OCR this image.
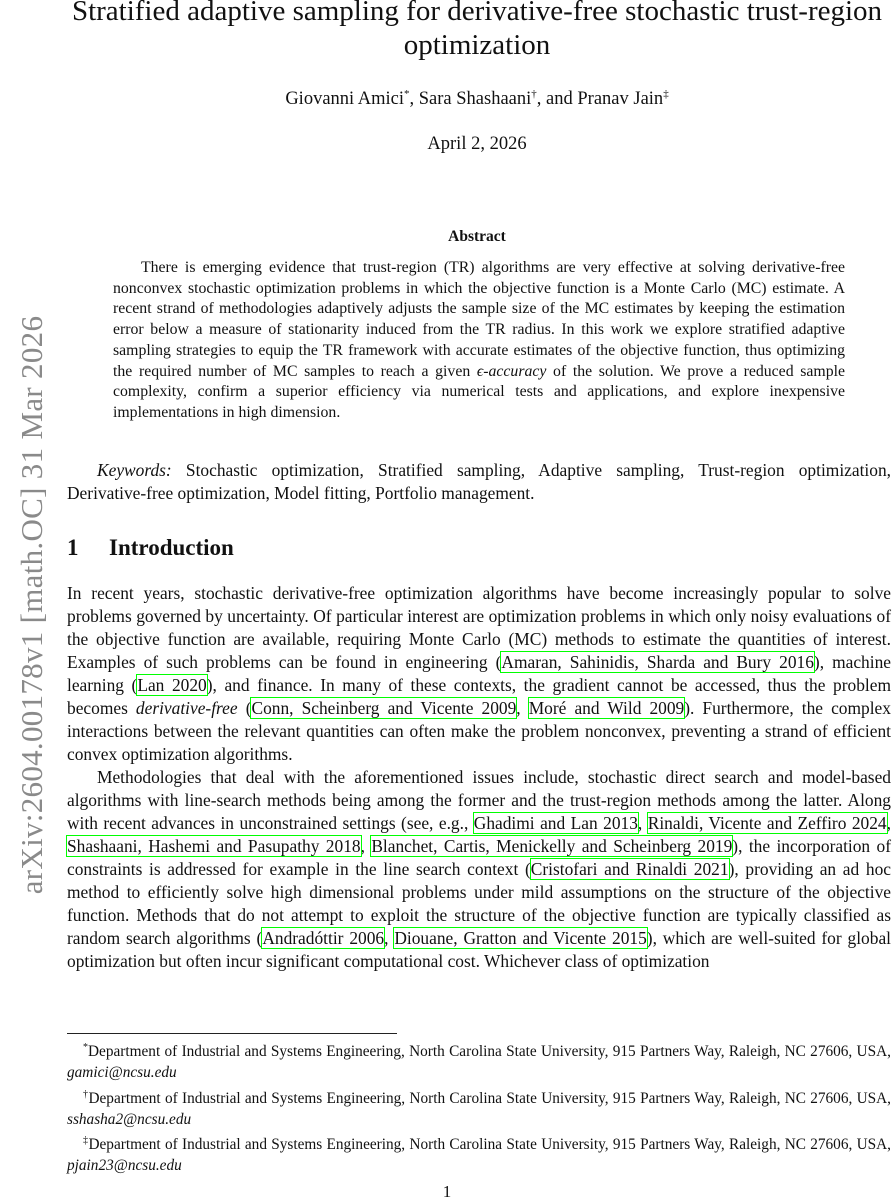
arXiv:2604.00178v1 [math.OC] 31 Mar 2026
Stratified adaptive sampling for derivative-free stochastic trust-region optimization
Giovanni Amici*, Sara Shashaani†, and Pranav Jain‡
April 2, 2026
Abstract
There is emerging evidence that trust-region (TR) algorithms are very effective at solving derivative-free nonconvex stochastic optimization problems in which the objective function is a Monte Carlo (MC) estimate. A recent strand of methodologies adaptively adjusts the sample size of the MC estimates by keeping the estimation error below a measure of stationarity induced from the TR radius. In this work we explore stratified adaptive sampling strategies to equip the TR framework with accurate estimates of the objective function, thus optimizing the required number of MC samples to reach a given ϵ-accuracy of the solution. We prove a reduced sample complexity, confirm a superior efficiency via numerical tests and applications, and explore inexpensive implementations in high dimension.
Keywords: Stochastic optimization, Stratified sampling, Adaptive sampling, Trust-region optimization, Derivative-free optimization, Model fitting, Portfolio management.
1 Introduction

In recent years, stochastic derivative-free optimization algorithms have become increasingly popular to solve problems governed by uncertainty. Of particular interest are optimization problems in which only noisy evaluations of the objective function are available, requiring Monte Carlo (MC) methods to estimate the quantities of interest. Examples of such problems can be found in engineering (Amaran, Sahinidis, Sharda and Bury 2016), machine learning (Lan 2020), and finance. In many of these contexts, the gradient cannot be accessed, thus the problem becomes derivative-free (Conn, Scheinberg and Vicente 2009, Moré and Wild 2009). Furthermore, the complex interactions between the relevant quantities can often make the problem nonconvex, preventing a strand of efficient convex optimization algorithms.

Methodologies that deal with the aforementioned issues include, stochastic direct search and model-based algorithms with line-search methods being among the former and the trust-region methods among the latter. Along with recent advances in unconstrained settings (see, e.g., Ghadimi and Lan 2013, Rinaldi, Vicente and Zeffiro 2024, Shashaani, Hashemi and Pasupathy 2018, Blanchet, Cartis, Menickelly and Scheinberg 2019), the incorporation of constraints is addressed for example in the line search context (Cristofari and Rinaldi 2021), providing an ad hoc method to efficiently solve high dimensional problems under mild assumptions on the structure of the objective function. Methods that do not attempt to exploit the structure of the objective function are typically classified as random search algorithms (Andradóttir 2006, Diouane, Gratton and Vicente 2015), which are well-suited for global optimization but often incur significant computational cost. Whichever class of optimization

*Department of Industrial and Systems Engineering, North Carolina State University, 915 Partners Way, Raleigh, NC 27606, USA, gamici@ncsu.edu
†Department of Industrial and Systems Engineering, North Carolina State University, 915 Partners Way, Raleigh, NC 27606, USA, sshasha2@ncsu.edu
‡Department of Industrial and Systems Engineering, North Carolina State University, 915 Partners Way, Raleigh, NC 27606, USA, pjain23@ncsu.edu
1
